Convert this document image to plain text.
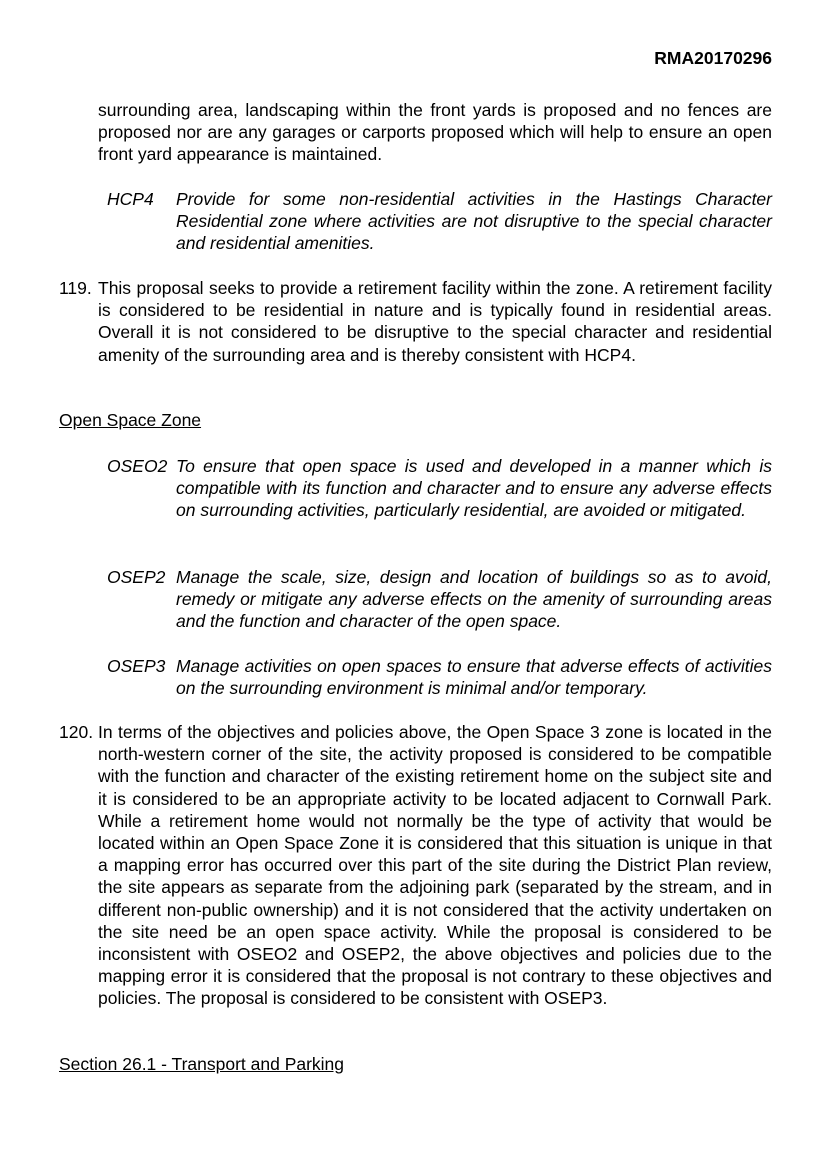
RMA20170296
surrounding area, landscaping within the front yards is proposed and no fences are proposed nor are any garages or carports proposed which will help to ensure an open front yard appearance is maintained.
HCP4 Provide for some non-residential activities in the Hastings Character Residential zone where activities are not disruptive to the special character and residential amenities.
119. This proposal seeks to provide a retirement facility within the zone. A retirement facility is considered to be residential in nature and is typically found in residential areas. Overall it is not considered to be disruptive to the special character and residential amenity of the surrounding area and is thereby consistent with HCP4.
Open Space Zone
OSEO2 To ensure that open space is used and developed in a manner which is compatible with its function and character and to ensure any adverse effects on surrounding activities, particularly residential, are avoided or mitigated.
OSEP2 Manage the scale, size, design and location of buildings so as to avoid, remedy or mitigate any adverse effects on the amenity of surrounding areas and the function and character of the open space.
OSEP3 Manage activities on open spaces to ensure that adverse effects of activities on the surrounding environment is minimal and/or temporary.
120. In terms of the objectives and policies above, the Open Space 3 zone is located in the north-western corner of the site, the activity proposed is considered to be compatible with the function and character of the existing retirement home on the subject site and it is considered to be an appropriate activity to be located adjacent to Cornwall Park. While a retirement home would not normally be the type of activity that would be located within an Open Space Zone it is considered that this situation is unique in that a mapping error has occurred over this part of the site during the District Plan review, the site appears as separate from the adjoining park (separated by the stream, and in different non-public ownership) and it is not considered that the activity undertaken on the site need be an open space activity. While the proposal is considered to be inconsistent with OSEO2 and OSEP2, the above objectives and policies due to the mapping error it is considered that the proposal is not contrary to these objectives and policies. The proposal is considered to be consistent with OSEP3.
Section 26.1 - Transport and Parking
